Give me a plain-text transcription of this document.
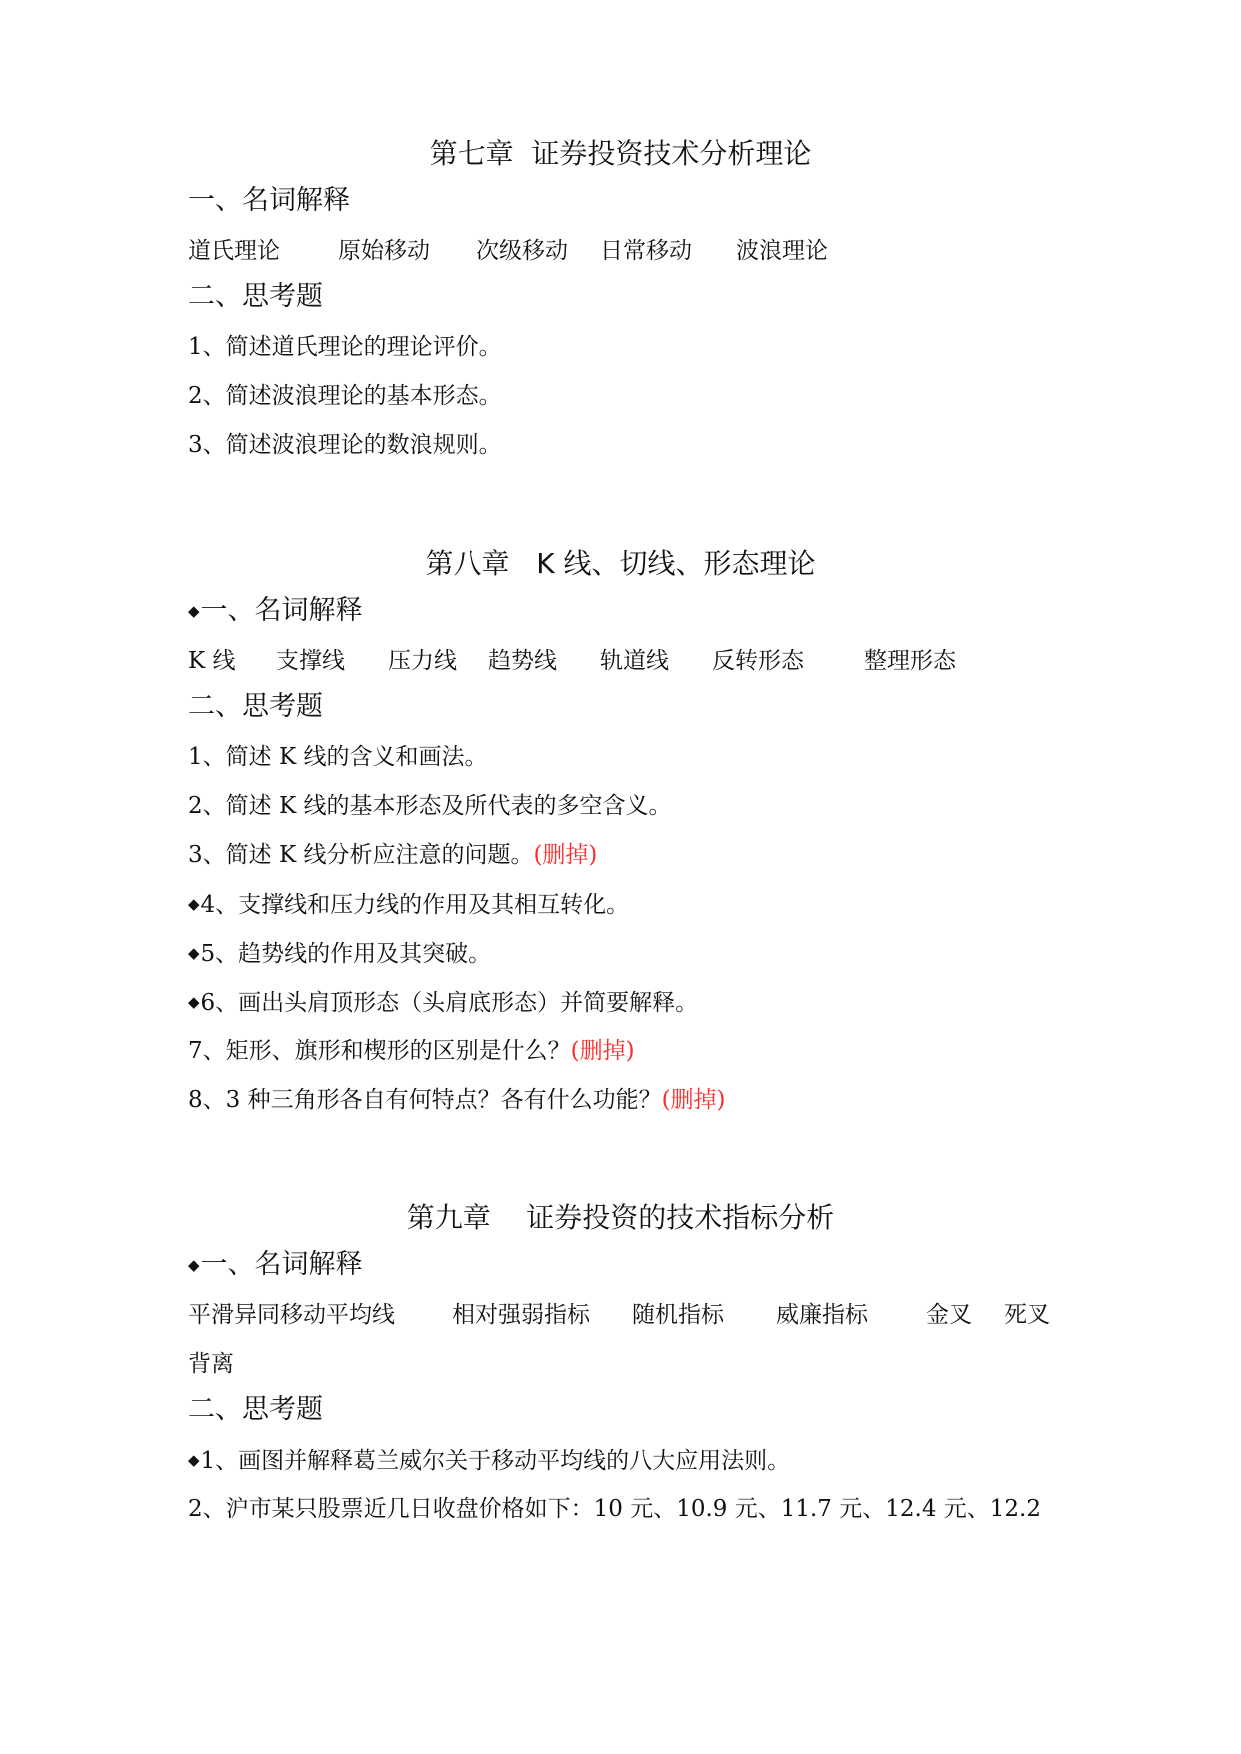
第七章  证券投资技术分析理论
一、名词解释
道氏理论	原始移动 次级移动 日常移动 波浪理论
二、思考题
1、简述道氏理论的理论评价。
2、简述波浪理论的基本形态。
3、简述波浪理论的数浪规则。
第八章   K 线、切线、形态理论
◆一、名词解释
K 线 支撑线 压力线 趋势线 轨道线 反转形态	整理形态
二、思考题
1、简述 K 线的含义和画法。
2、简述 K 线的基本形态及所代表的多空含义。
3、简述 K 线分析应注意的问题。(删掉)
◆4、支撑线和压力线的作用及其相互转化。
◆5、趋势线的作用及其突破。
◆6、画出头肩顶形态（头肩底形态）并简要解释。
7、矩形、旗形和楔形的区别是什么？(删掉)
8、3 种三角形各自有何特点？各有什么功能？(删掉)
第九章    证券投资的技术指标分析
◆一、名词解释
平滑异同移动平均线 相对强弱指标 随机指标 威廉指标	金叉 死叉
背离
二、思考题
◆1、画图并解释葛兰威尔关于移动平均线的八大应用法则。
2、沪市某只股票近几日收盘价格如下：10 元、10.9 元、11.7 元、12.4 元、12.2
